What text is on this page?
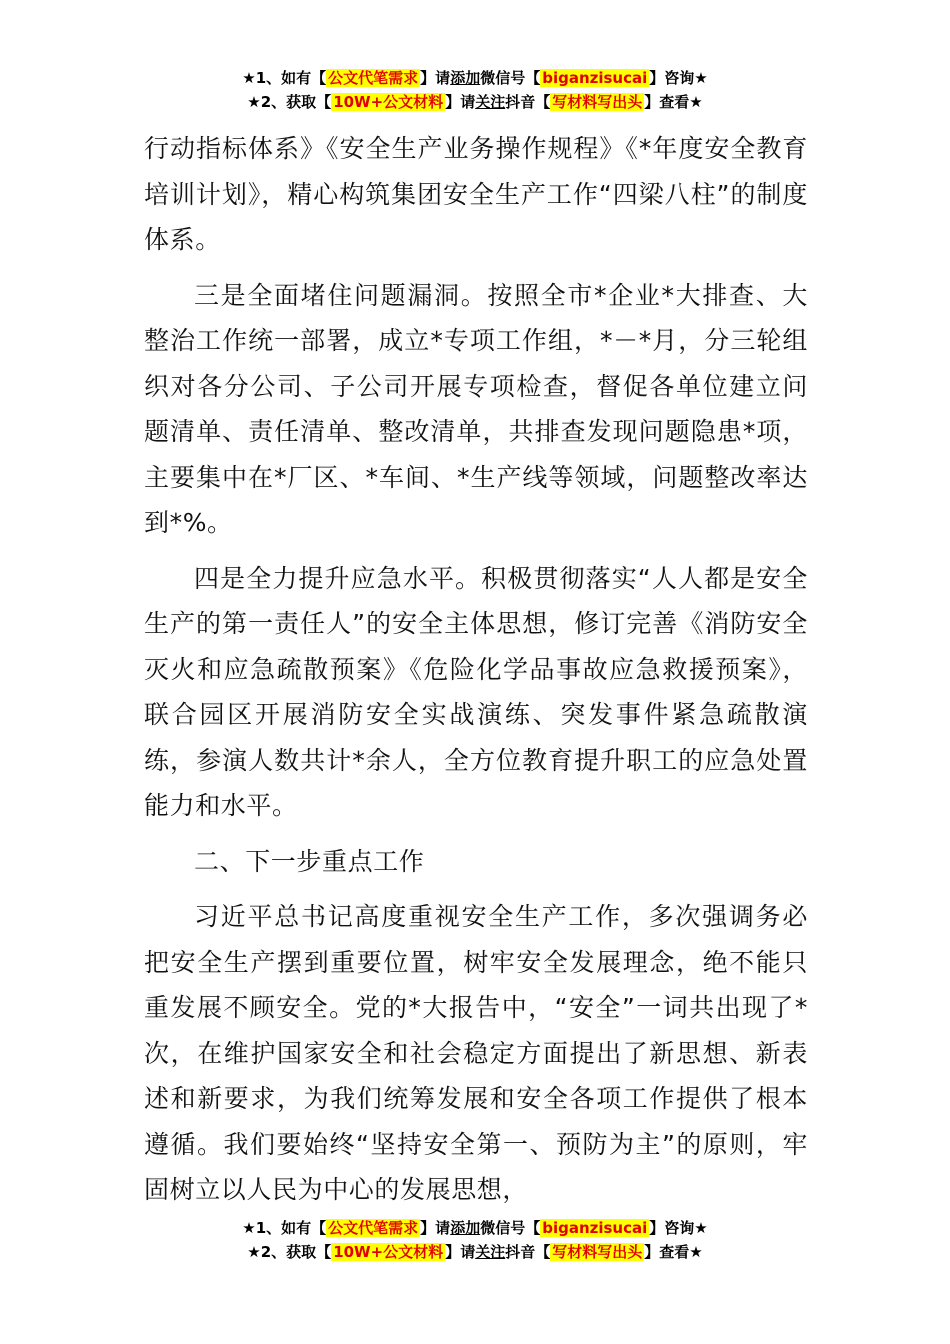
★1、如有【 公文代笔需求 】请添加微信号【 biganzisucai 】咨询★
★2、获取【 10W+公文材料 】请关注抖音【 写材料写出头 】查看★

行动指标体系》《安全生产业务操作规程》《*年度安全教育培训计划》，精心构筑集团安全生产工作“四梁八柱”的制度体系。

三是全面堵住问题漏洞。按照全市*企业*大排查、大整治工作统一部署，成立*专项工作组，*－*月，分三轮组织对各分公司、子公司开展专项检查，督促各单位建立问题清单、责任清单、整改清单，共排查发现问题隐患*项，主要集中在*厂区、*车间、*生产线等领域，问题整改率达到*%。

四是全力提升应急水平。积极贯彻落实“人人都是安全生产的第一责任人”的安全主体思想，修订完善《消防安全灭火和应急疏散预案》《危险化学品事故应急救援预案》，联合园区开展消防安全实战演练、突发事件紧急疏散演练，参演人数共计*余人，全方位教育提升职工的应急处置能力和水平。

二、下一步重点工作

习近平总书记高度重视安全生产工作，多次强调务必把安全生产摆到重要位置，树牢安全发展理念，绝不能只重发展不顾安全。党的*大报告中，“安全”一词共出现了*次，在维护国家安全和社会稳定方面提出了新思想、新表述和新要求，为我们统筹发展和安全各项工作提供了根本遵循。我们要始终“坚持安全第一、预防为主”的原则，牢固树立以人民为中心的发展思想，

★1、如有【 公文代笔需求 】请添加微信号【 biganzisucai 】咨询★
★2、获取【 10W+公文材料 】请关注抖音【 写材料写出头 】查看★
